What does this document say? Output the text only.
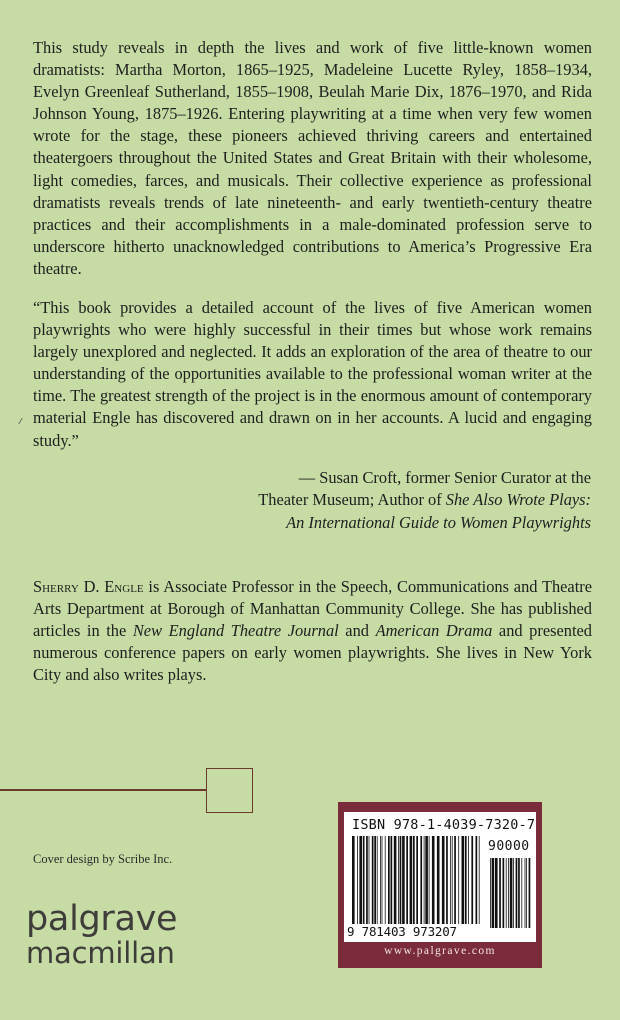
This study reveals in depth the lives and work of five little-known women dramatists: Martha Morton, 1865–1925, Madeleine Lucette Ryley, 1858–1934, Evelyn Greenleaf Sutherland, 1855–1908, Beulah Marie Dix, 1876–1970, and Rida Johnson Young, 1875–1926. Entering playwriting at a time when very few women wrote for the stage, these pioneers achieved thriving careers and entertained theatergoers throughout the United States and Great Britain with their wholesome, light comedies, farces, and musicals. Their collective experience as professional dramatists reveals trends of late nineteenth- and early twentieth-century theatre practices and their accomplishments in a male-dominated profession serve to underscore hitherto unacknowledged contributions to America’s Progressive Era theatre.

“This book provides a detailed account of the lives of five American women playwrights who were highly successful in their times but whose work remains largely unexplored and neglected. It adds an exploration of the area of theatre to our understanding of the opportunities available to the professional woman writer at the time. The greatest strength of the project is in the enormous amount of contemporary material Engle has discovered and drawn on in her accounts. A lucid and engaging study.”

— Susan Croft, former Senior Curator at the
Theater Museum; Author of She Also Wrote Plays:
An International Guide to Women Playwrights

Sherry D. Engle is Associate Professor in the Speech, Communications and Theatre Arts Department at Borough of Manhattan Community College. She has published articles in the New England Theatre Journal and American Drama and presented numerous conference papers on early women playwrights. She lives in New York City and also writes plays.

Cover design by Scribe Inc.
palgrave
macmillan
ISBN 978-1-4039-7320-7
90000
9 781403 973207
www.palgrave.com
